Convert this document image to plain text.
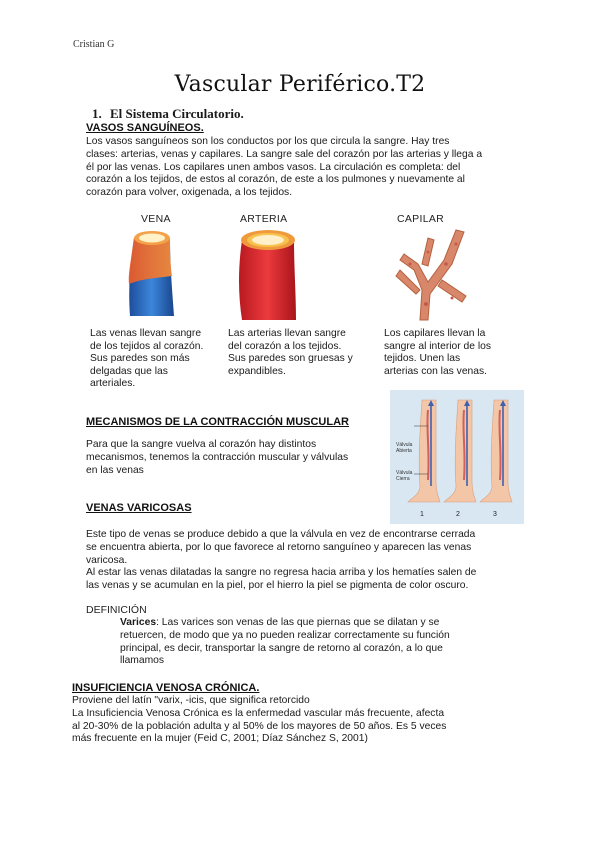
Cristian G
Vascular Periférico.T2
1. El Sistema Circulatorio.
VASOS SANGUÍNEOS.
Los vasos sanguíneos son los conductos por los que circula la sangre. Hay tres
clases: arterias, venas y capilares. La sangre sale del corazón por las arterias y llega a
él por las venas. Los capilares unen ambos vasos. La circulación es completa: del
corazón a los tejidos, de estos al corazón, de este a los pulmones y nuevamente al
corazón para volver, oxigenada, a los tejidos.
VENA	ARTERIA	CAPILAR
Las venas llevan sangre
de los tejidos al corazón.
Sus paredes son más
delgadas que las
arteriales.
Las arterias llevan sangre
del corazón a los tejidos.
Sus paredes son gruesas y
expandibles.
Los capilares llevan la
sangre al interior de los
tejidos. Unen las
arterias con las venas.
MECANISMOS DE LA CONTRACCIÓN MUSCULAR
Para que la sangre vuelva al corazón hay distintos
mecanismos, tenemos la contracción muscular y válvulas
en las venas
Válvula
Abierta
Válvula
Cierra
1	2	3
VENAS VARICOSAS
Este tipo de venas se produce debido a que la válvula en vez de encontrarse cerrada
se encuentra abierta, por lo que favorece al retorno sanguíneo y aparecen las venas
varicosa.
Al estar las venas dilatadas la sangre no regresa hacia arriba y los hematíes salen de
las venas y se acumulan en la piel, por el hierro la piel se pigmenta de color oscuro.
DEFINICIÓN
Varices: Las varices son venas de las que piernas que se dilatan y se
retuercen, de modo que ya no pueden realizar correctamente su función
principal, es decir, transportar la sangre de retorno al corazón, a lo que
llamamos
INSUFICIENCIA VENOSA CRÓNICA.
Proviene del latín "varix, -icis, que significa retorcido
La Insuficiencia Venosa Crónica es la enfermedad vascular más frecuente, afecta
al 20-30% de la población adulta y al 50% de los mayores de 50 años. Es 5 veces
más frecuente en la mujer (Feid C, 2001; Díaz Sánchez S, 2001)
